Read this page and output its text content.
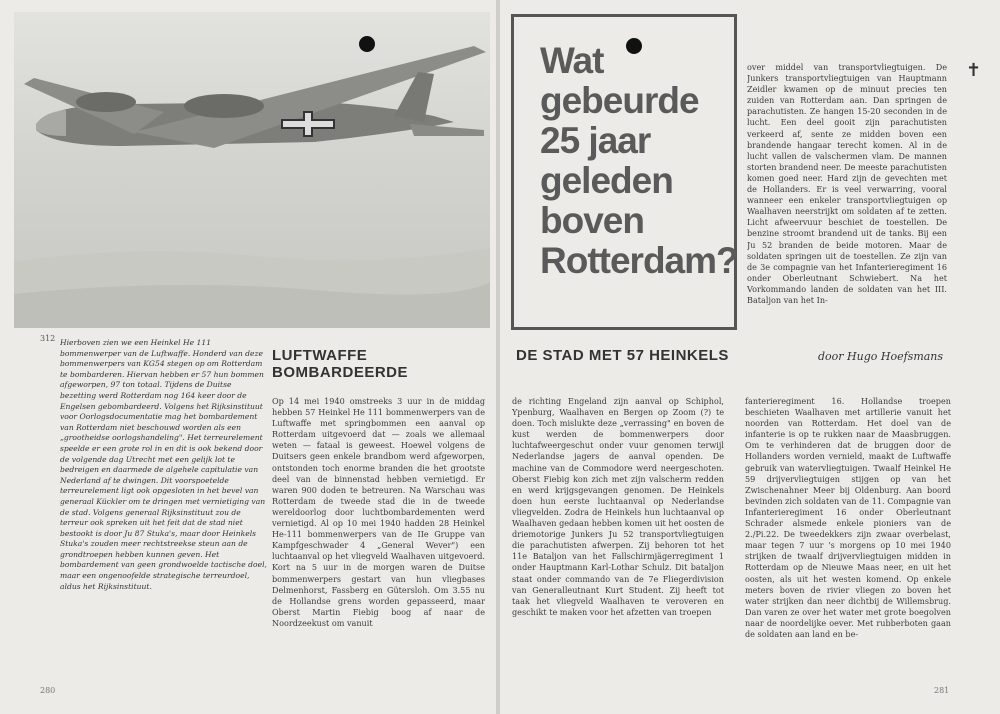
312 Hierboven zien we een Heinkel He 111 bommenwerper van de Luftwaffe. Honderd van deze bommenwerpers van KG54 stegen op om Rotterdam te bombarderen. Hiervan hebben er 57 hun bommen afgeworpen, 97 ton totaal. Tijdens de Duitse bezetting werd Rotterdam nog 164 keer door de Engelsen gebombardeerd. Volgens het Rijksinstituut voor Oorlogsdocumentatie mag het bombardement van Rotterdam niet beschouwd worden als een „grootheidse oorlogshandeling". Het terreurelement speelde er een grote rol in en dit is ook bekend door de volgende dag Utrecht met een gelijk lot te bedreigen en daarmede de algehele capitulatie van Nederland af te dwingen. Dit voorspoetelde terreurelement ligt ook opgesloten in het bevel van generaal Kückler om te dringen met vernietiging van de stad. Volgens generaal Rijksinstituut zou de terreur ook spreken uit het feit dat de stad niet bestookt is door Ju 87 Stuka's, maar door Heinkels Stuka's zouden meer rechtstreekse steun aan de grondtroepen hebben kunnen geven. Het bombardement van geen grondwoelde tactische doel, maar een ongenoofelde strategische terreurdoel, aldus het Rijksinstituut.

LUFTWAFFE BOMBARDEERDE

Op 14 mei 1940 omstreeks 3 uur in de middag hebben 57 Heinkel He 111 bommenwerpers van de Luftwaffe met springbommen een aanval op Rotterdam uitgevoerd dat — zoals we allemaal weten — fataal is geweest. Hoewel volgens de Duitsers geen enkele brandbom werd afgeworpen, ontstonden toch enorme branden die het grootste deel van de binnenstad hebben vernietigd. Er waren 900 doden te betreuren. Na Warschau was Rotterdam de tweede stad die in de tweede wereldoorlog door luchtbombardementen werd vernietigd. Al op 10 mei 1940 hadden 28 Heinkel He-111 bommenwerpers van de IIe Gruppe van Kampfgeschwader 4 „General Wever") een luchtaanval op het vliegveld Waalhaven uitgevoerd. Kort na 5 uur in de morgen waren de Duitse bommenwerpers gestart van hun vliegbases Delmenhorst, Fassberg en Gütersloh. Om 3.55 nu de Hollandse grens worden gepasseerd, maar Oberst Martin Fiebig boog af naar de Noordzeekust om vanuit

280

over middel van transportvliegtuigen. De Junkers transportvliegtuigen van Hauptmann Zeidler kwamen op de minuut precies ten zuiden van Rotterdam aan. Dan springen de parachutisten. Ze hangen 15-20 seconden in de lucht. Een deel gooit zijn parachutisten verkeerd af, sente ze midden boven een brandende hangaar terecht komen. Al in de lucht vallen de valschermen vlam. De mannen storten brandend neer. De meeste parachutisten komen goed neer. Hard zijn de gevechten met de Hollanders. Er is veel verwarring, vooral wanneer een enkeler transportvliegtuigen op Waalhaven neerstrijkt om soldaten af te zetten. Licht afweervuur beschiet de toestellen. De benzine stroomt brandend uit de tanks. Bij een Ju 52 branden de beide motoren. Maar de soldaten springen uit de toestellen. Ze zijn van de 3e compagnie van het Infanterieregiment 16 onder Oberleutnant Schwiebert. Na het Vorkommando landen de soldaten van het III. Bataljon van het In-

DE STAD MET 57 HEINKELS	door Hugo Hoefsmans

de richting Engeland zijn aanval op Schiphol, Ypenburg, Waalhaven en Bergen op Zoom (?) te doen. Toch mislukte deze „verrassing" en boven de kust werden de bommenwerpers door luchtafweergeschut onder vuur genomen terwijl Nederlandse jagers de aanval openden. De machine van de Commodore werd neergeschoten. Oberst Fiebig kon zich met zijn valscherm redden en werd krijgsgevangen genomen. De Heinkels doen hun eerste luchtaanval op Nederlandse vliegvelden. Zodra de Heinkels hun luchtaanval op Waalhaven gedaan hebben komen uit het oosten de driemotorige Junkers Ju 52 transportvliegtuigen die parachutisten afwerpen. Zij behoren tot het 11e Bataljon van het Fallschirmjägerregiment 1 onder Hauptmann Karl-Lothar Schulz. Dit bataljon staat onder commando van de 7e Fliegerdivision van Generalleutnant Kurt Student. Zij heeft tot taak het vliegveld Waalhaven te veroveren en geschikt te maken voor het afzetten van troepen

fanterieregiment 16. Hollandse troepen beschieten Waalhaven met artillerie vanuit het noorden van Rotterdam. Het doel van de infanterie is op te rukken naar de Maasbruggen. Om te verhinderen dat de bruggen door de Hollanders worden vernield, maakt de Luftwaffe gebruik van watervliegtuigen. Twaalf Heinkel He 59 drijvervliegtuigen stijgen op van het Zwischenahner Meer bij Oldenburg. Aan boord bevinden zich soldaten van de 11. Compagnie van Infanterieregiment 16 onder Oberleutnant Schrader alsmede enkele pioniers van de 2./Pi.22. De tweedekkers zijn zwaar overbelast, maar tegen 7 uur 's morgens op 10 mei 1940 strijken de twaalf drijvervliegtuigen midden in Rotterdam op de Nieuwe Maas neer, en uit het oosten, als uit het westen komend. Op enkele meters boven de rivier vliegen zo boven het water strijken dan neer dichtbij de Willemsbrug. Dan varen ze over het water met grote boegolven naar de noordelijke oever. Met rubberboten gaan de soldaten aan land en be-

281
✝
Wat
gebeurde
25 jaar
geleden
boven
Rotterdam?
